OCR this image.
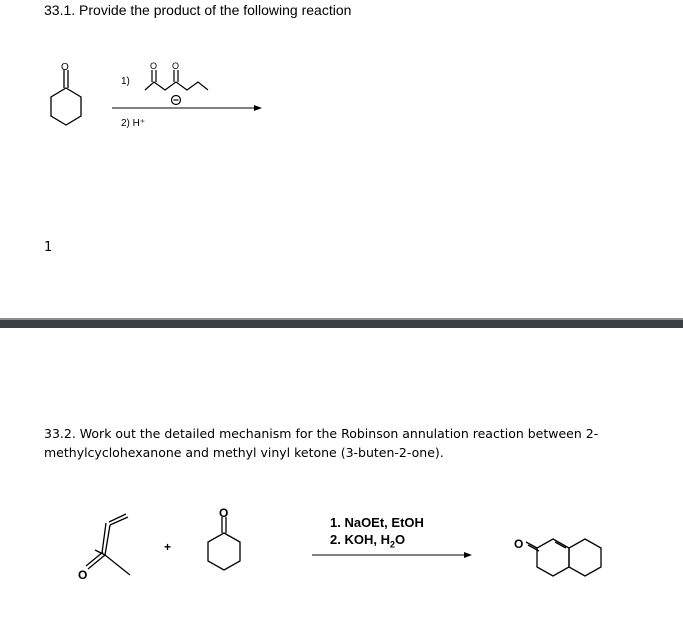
33.1. Provide the product of the following reaction
O
1)
O O
2) H⁺
1
33.2. Work out the detailed mechanism for the Robinson annulation reaction between 2-methylcyclohexanone and methyl vinyl ketone (3-buten-2-one).
O
+
O
O
1. NaOEt, EtOH
2. KOH, $H_2O$
